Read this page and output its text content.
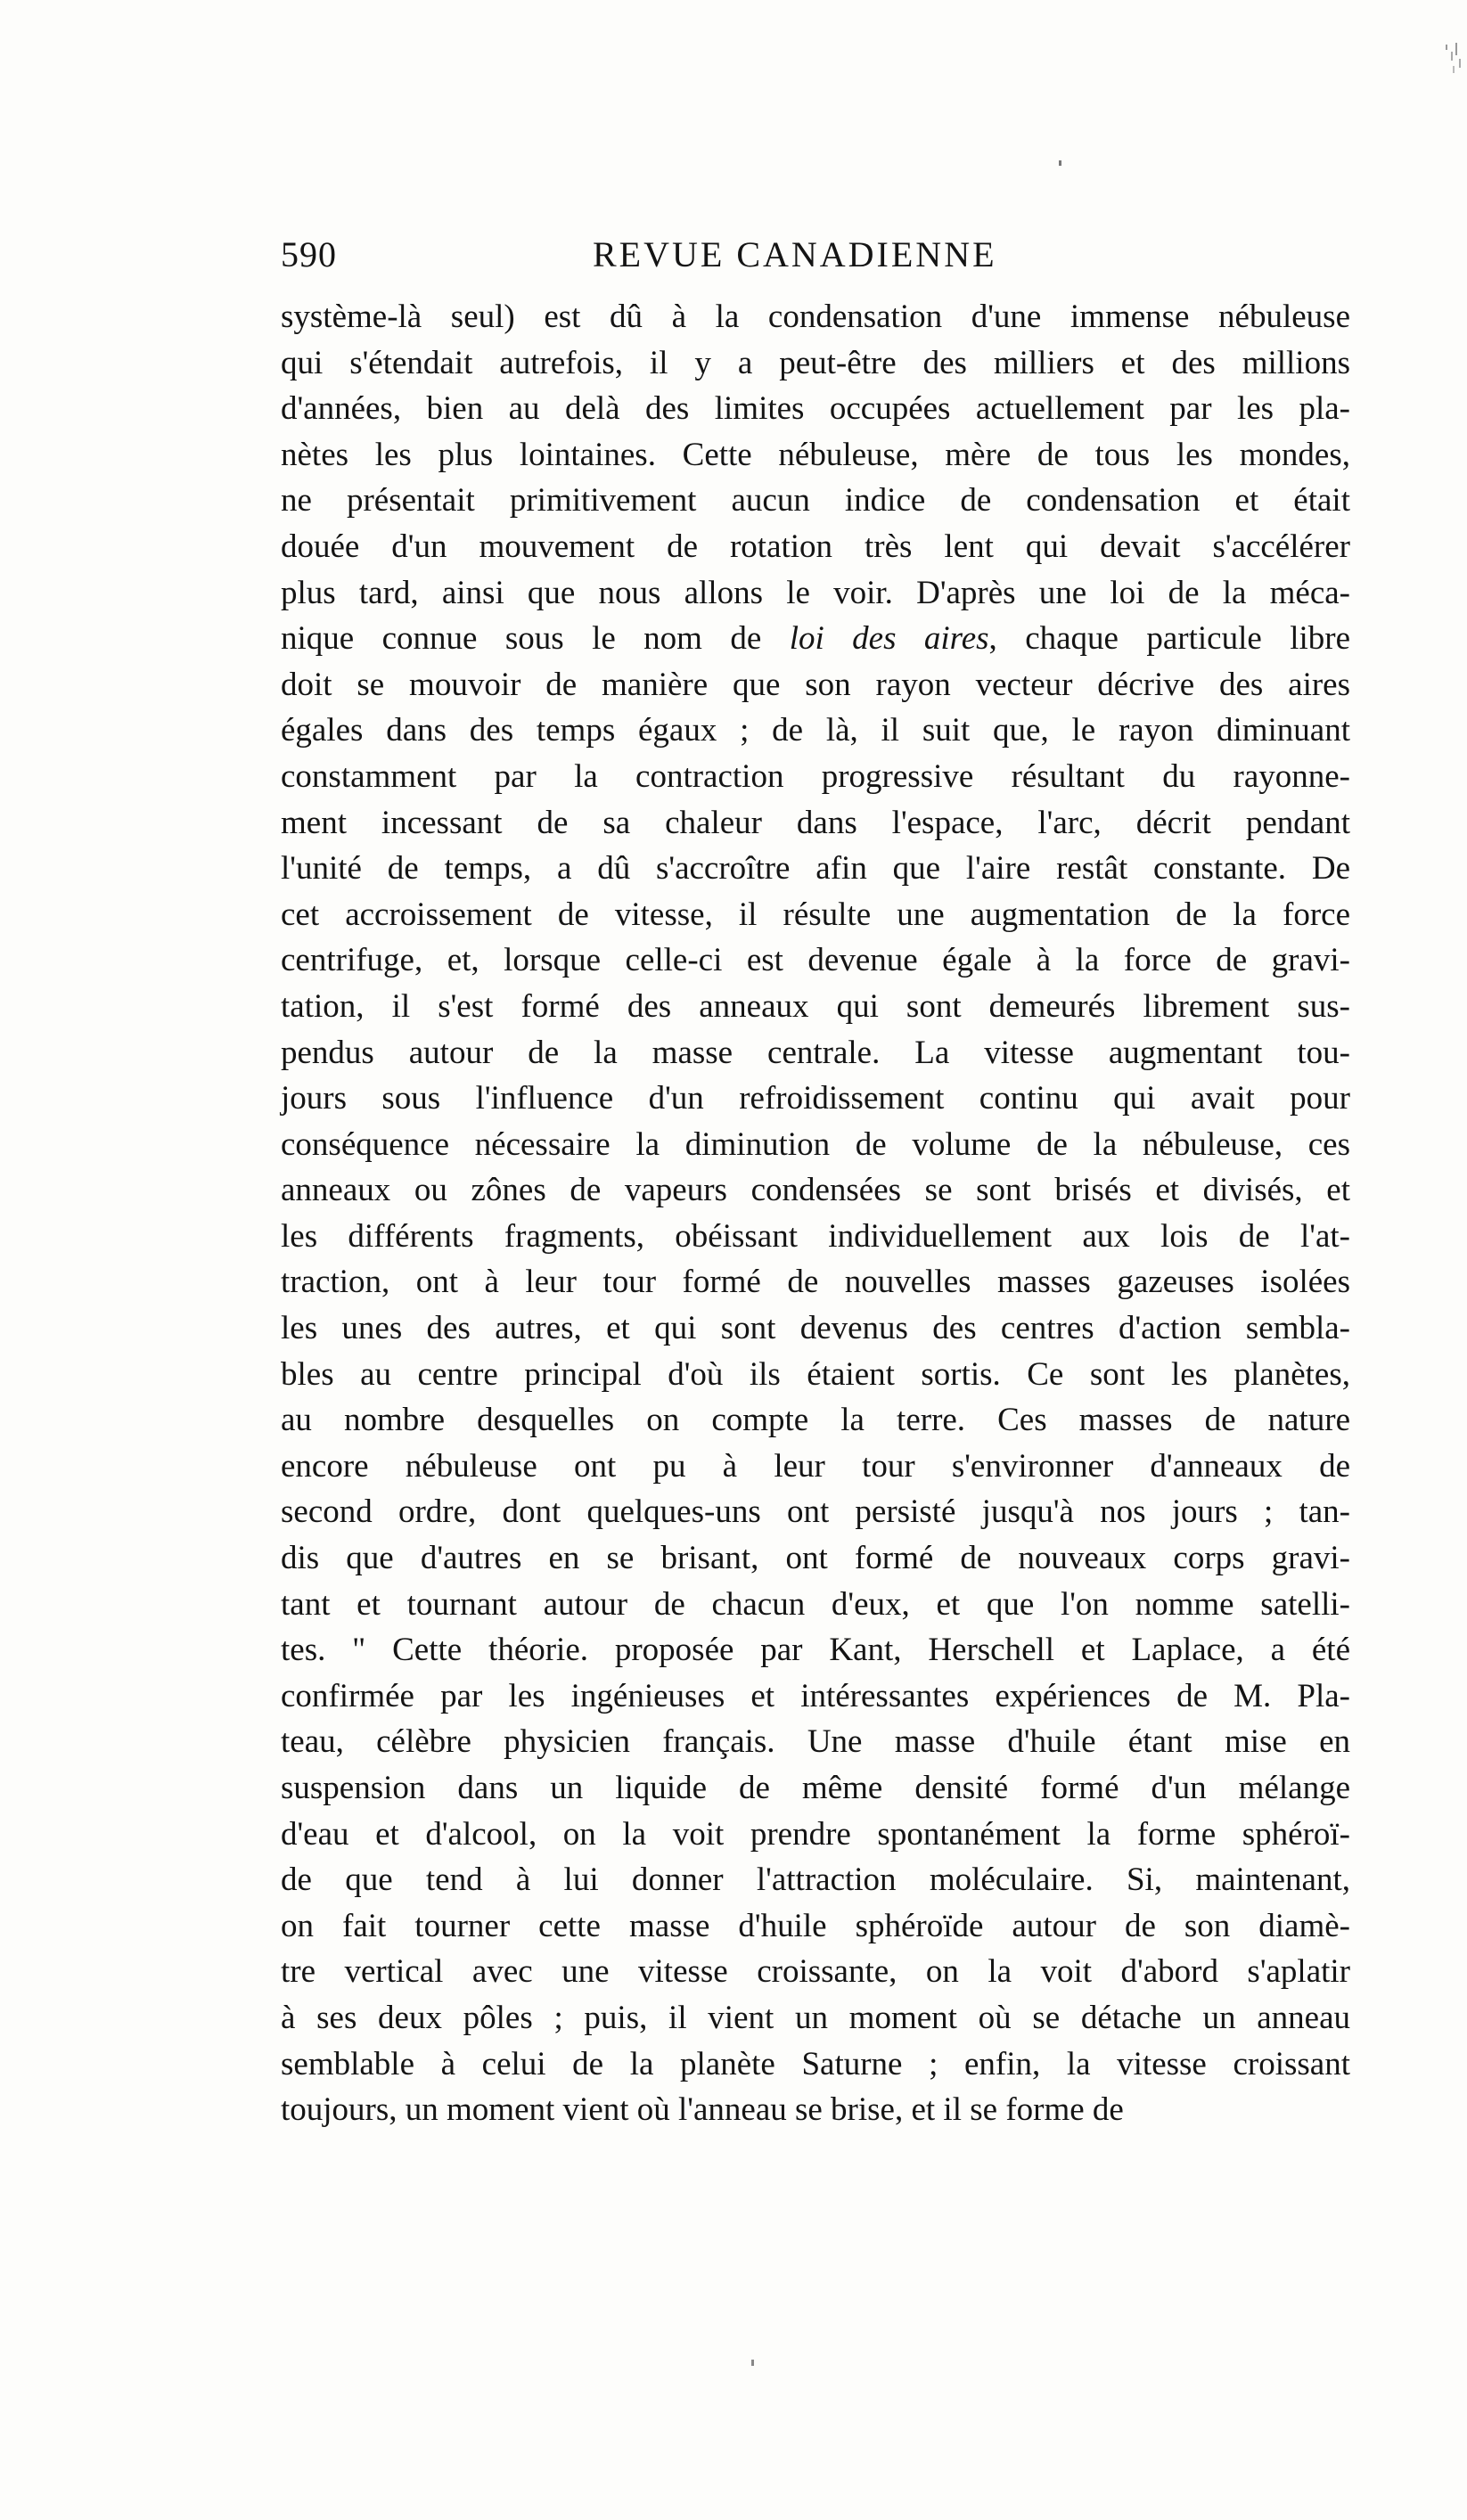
590	REVUE CANADIENNE
système-là seul) est dû à la condensation d'une immense nébuleuse
qui s'étendait autrefois, il y a peut-être des milliers et des millions
d'années, bien au delà des limites occupées actuellement par les pla-
nètes les plus lointaines. Cette nébuleuse, mère de tous les mondes,
ne présentait primitivement aucun indice de condensation et était
douée d'un mouvement de rotation très lent qui devait s'accélérer
plus tard, ainsi que nous allons le voir. D'après une loi de la méca-
nique connue sous le nom de loi des aires, chaque particule libre
doit se mouvoir de manière que son rayon vecteur décrive des aires
égales dans des temps égaux ; de là, il suit que, le rayon diminuant
constamment par la contraction progressive résultant du rayonne-
ment incessant de sa chaleur dans l'espace, l'arc, décrit pendant
l'unité de temps, a dû s'accroître afin que l'aire restât constante. De
cet accroissement de vitesse, il résulte une augmentation de la force
centrifuge, et, lorsque celle-ci est devenue égale à la force de gravi-
tation, il s'est formé des anneaux qui sont demeurés librement sus-
pendus autour de la masse centrale. La vitesse augmentant tou-
jours sous l'influence d'un refroidissement continu qui avait pour
conséquence nécessaire la diminution de volume de la nébuleuse, ces
anneaux ou zônes de vapeurs condensées se sont brisés et divisés, et
les différents fragments, obéissant individuellement aux lois de l'at-
traction, ont à leur tour formé de nouvelles masses gazeuses isolées
les unes des autres, et qui sont devenus des centres d'action sembla-
bles au centre principal d'où ils étaient sortis. Ce sont les planètes,
au nombre desquelles on compte la terre. Ces masses de nature
encore nébuleuse ont pu à leur tour s'environner d'anneaux de
second ordre, dont quelques-uns ont persisté jusqu'à nos jours ; tan-
dis que d'autres en se brisant, ont formé de nouveaux corps gravi-
tant et tournant autour de chacun d'eux, et que l'on nomme satelli-
tes. " Cette théorie. proposée par Kant, Herschell et Laplace, a été
confirmée par les ingénieuses et intéressantes expériences de M. Pla-
teau, célèbre physicien français. Une masse d'huile étant mise en
suspension dans un liquide de même densité formé d'un mélange
d'eau et d'alcool, on la voit prendre spontanément la forme sphéroï-
de que tend à lui donner l'attraction moléculaire. Si, maintenant,
on fait tourner cette masse d'huile sphéroïde autour de son diamè-
tre vertical avec une vitesse croissante, on la voit d'abord s'aplatir
à ses deux pôles ; puis, il vient un moment où se détache un anneau
semblable à celui de la planète Saturne ; enfin, la vitesse croissant
toujours, un moment vient où l'anneau se brise, et il se forme de
